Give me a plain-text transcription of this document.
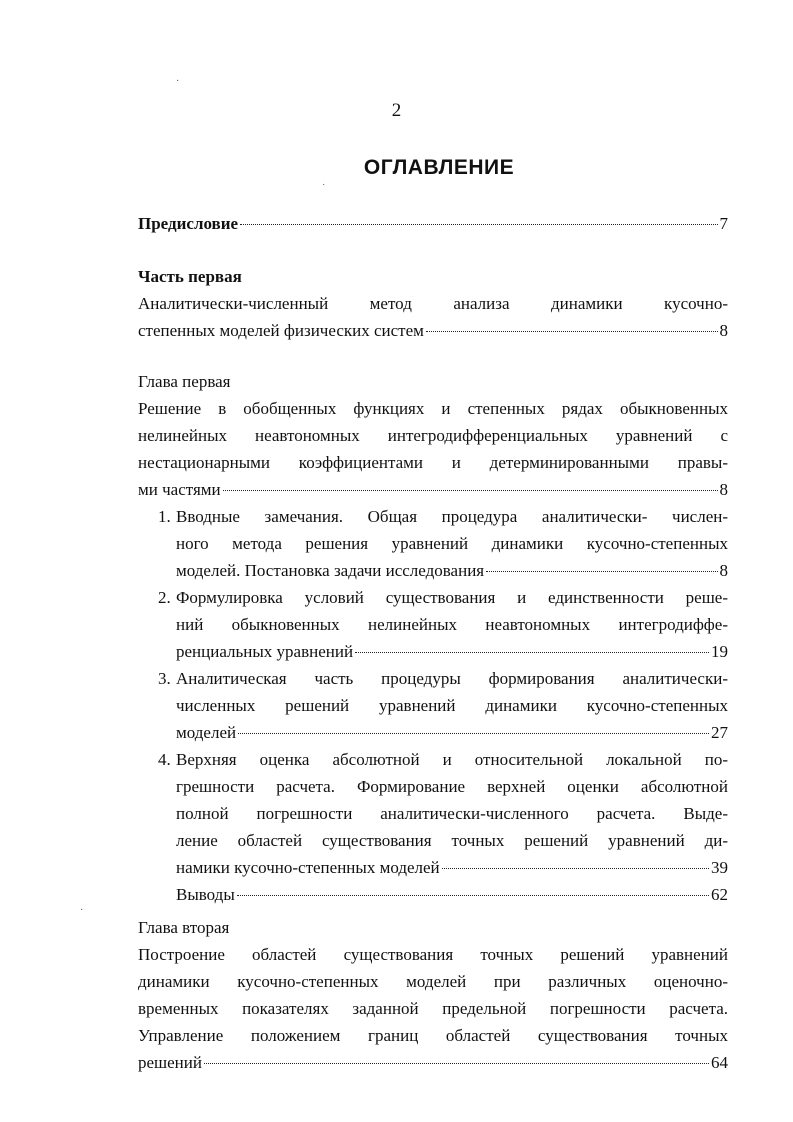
·
˙
·
2
ОГЛАВЛЕНИЕ
Предисловие	7
Часть первая
Аналитически-численный метод анализа динамики кусочно-
степенных моделей физических систем	8
Глава первая
Решение в обобщенных функциях и степенных рядах обыкновенных
нелинейных неавтономных интегродифференциальных уравнений с
нестационарными коэффициентами и детерминированными правы-
ми частями	8
1. Вводные замечания. Общая процедура аналитически- числен-
ного метода решения уравнений динамики кусочно-степенных
моделей. Постановка задачи исследования	8
2. Формулировка условий существования и единственности реше-
ний обыкновенных нелинейных неавтономных интегродиффе-
ренциальных уравнений	19
3. Аналитическая часть процедуры формирования аналитически-
численных решений уравнений динамики кусочно-степенных
моделей	27
4. Верхняя оценка абсолютной и относительной локальной по-
грешности расчета. Формирование верхней оценки абсолютной
полной погрешности аналитически-численного расчета. Выде-
ление областей существования точных решений уравнений ди-
намики кусочно-степенных моделей	39
Выводы	62
Глава вторая
Построение областей существования точных решений уравнений
динамики кусочно-степенных моделей при различных оценочно-
временных показателях заданной предельной погрешности расчета.
Управление положением границ областей существования точных
решений	64
